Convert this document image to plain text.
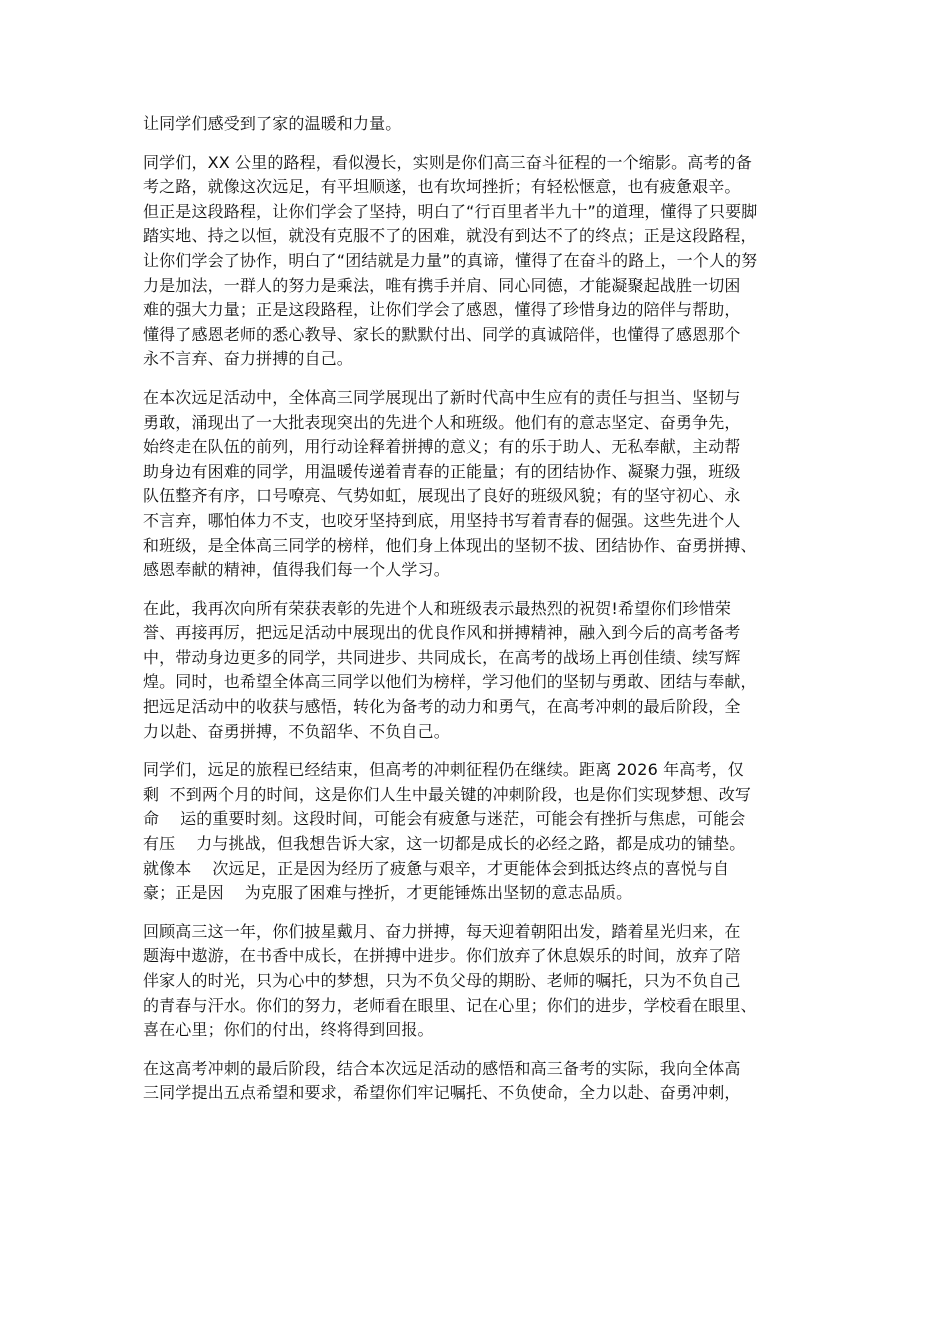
让同学们感受到了家的温暖和力量。
同学们，XX 公里的路程，看似漫长，实则是你们高三奋斗征程的一个缩影。高考的备
考之路，就像这次远足，有平坦顺遂，也有坎坷挫折；有轻松惬意，也有疲惫艰辛。
但正是这段路程，让你们学会了坚持，明白了“行百里者半九十”的道理，懂得了只要脚
踏实地、持之以恒，就没有克服不了的困难，就没有到达不了的终点；正是这段路程，
让你们学会了协作，明白了“团结就是力量”的真谛，懂得了在奋斗的路上，一个人的努
力是加法，一群人的努力是乘法，唯有携手并肩、同心同德，才能凝聚起战胜一切困
难的强大力量；正是这段路程，让你们学会了感恩，懂得了珍惜身边的陪伴与帮助，
懂得了感恩老师的悉心教导、家长的默默付出、同学的真诚陪伴，也懂得了感恩那个
永不言弃、奋力拼搏的自己。
在本次远足活动中，全体高三同学展现出了新时代高中生应有的责任与担当、坚韧与
勇敢，涌现出了一大批表现突出的先进个人和班级。他们有的意志坚定、奋勇争先，
始终走在队伍的前列，用行动诠释着拼搏的意义；有的乐于助人、无私奉献，主动帮
助身边有困难的同学，用温暖传递着青春的正能量；有的团结协作、凝聚力强，班级
队伍整齐有序，口号嘹亮、气势如虹，展现出了良好的班级风貌；有的坚守初心、永
不言弃，哪怕体力不支，也咬牙坚持到底，用坚持书写着青春的倔强。这些先进个人
和班级，是全体高三同学的榜样，他们身上体现出的坚韧不拔、团结协作、奋勇拼搏、
感恩奉献的精神，值得我们每一个人学习。
在此，我再次向所有荣获表彰的先进个人和班级表示最热烈的祝贺!希望你们珍惜荣
誉、再接再厉，把远足活动中展现出的优良作风和拼搏精神，融入到今后的高考备考
中，带动身边更多的同学，共同进步、共同成长，在高考的战场上再创佳绩、续写辉
煌。同时，也希望全体高三同学以他们为榜样，学习他们的坚韧与勇敢、团结与奉献，
把远足活动中的收获与感悟，转化为备考的动力和勇气，在高考冲刺的最后阶段，全
力以赴、奋勇拼搏，不负韶华、不负自己。
同学们，远足的旅程已经结束，但高考的冲刺征程仍在继续。距离 2026 年高考，仅
剩  不到两个月的时间，这是你们人生中最关键的冲刺阶段，也是你们实现梦想、改写
命    运的重要时刻。这段时间，可能会有疲惫与迷茫，可能会有挫折与焦虑，可能会
有压    力与挑战，但我想告诉大家，这一切都是成长的必经之路，都是成功的铺垫。
就像本    次远足，正是因为经历了疲惫与艰辛，才更能体会到抵达终点的喜悦与自
豪；正是因    为克服了困难与挫折，才更能锤炼出坚韧的意志品质。
回顾高三这一年，你们披星戴月、奋力拼搏，每天迎着朝阳出发，踏着星光归来，在
题海中遨游，在书香中成长，在拼搏中进步。你们放弃了休息娱乐的时间，放弃了陪
伴家人的时光，只为心中的梦想，只为不负父母的期盼、老师的嘱托，只为不负自己
的青春与汗水。你们的努力，老师看在眼里、记在心里；你们的进步，学校看在眼里、
喜在心里；你们的付出，终将得到回报。
在这高考冲刺的最后阶段，结合本次远足活动的感悟和高三备考的实际，我向全体高
三同学提出五点希望和要求，希望你们牢记嘱托、不负使命，全力以赴、奋勇冲刺，
